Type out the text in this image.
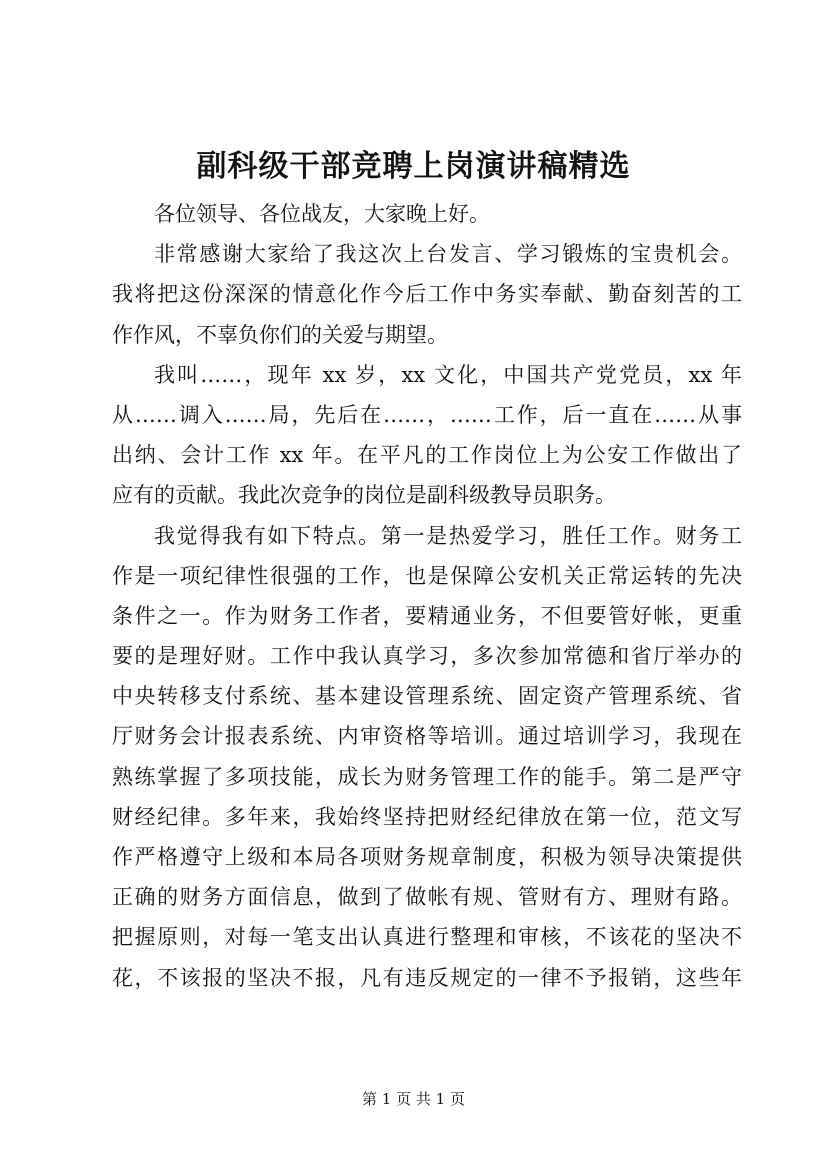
副科级干部竞聘上岗演讲稿精选
各位领导、各位战友，大家晚上好。
非常感谢大家给了我这次上台发言、学习锻炼的宝贵机会。
我将把这份深深的情意化作今后工作中务实奉献、勤奋刻苦的工
作作风，不辜负你们的关爱与期望。
我叫……，现年 xx 岁，xx 文化，中国共产党党员，xx 年
从……调入……局，先后在……，……工作，后一直在……从事
出纳、会计工作 xx 年。在平凡的工作岗位上为公安工作做出了
应有的贡献。我此次竞争的岗位是副科级教导员职务。
我觉得我有如下特点。第一是热爱学习，胜任工作。财务工
作是一项纪律性很强的工作，也是保障公安机关正常运转的先决
条件之一。作为财务工作者，要精通业务，不但要管好帐，更重
要的是理好财。工作中我认真学习，多次参加常德和省厅举办的
中央转移支付系统、基本建设管理系统、固定资产管理系统、省
厅财务会计报表系统、内审资格等培训。通过培训学习，我现在
熟练掌握了多项技能，成长为财务管理工作的能手。第二是严守
财经纪律。多年来，我始终坚持把财经纪律放在第一位，范文写
作严格遵守上级和本局各项财务规章制度，积极为领导决策提供
正确的财务方面信息，做到了做帐有规、管财有方、理财有路。
把握原则，对每一笔支出认真进行整理和审核，不该花的坚决不
花，不该报的坚决不报，凡有违反规定的一律不予报销，这些年
第 1 页 共 1 页
